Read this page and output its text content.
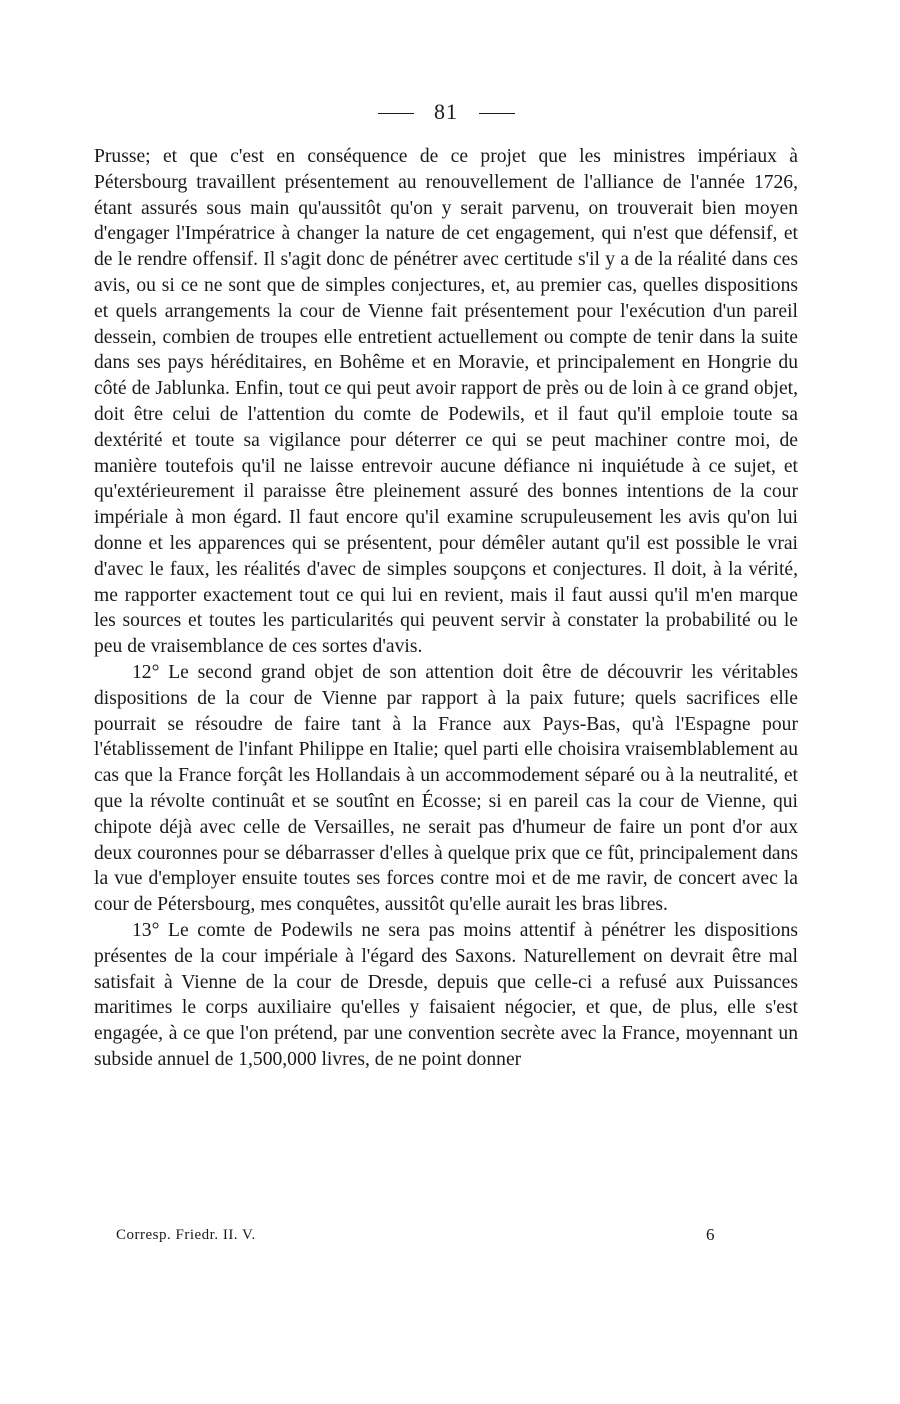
81

Prusse; et que c'est en conséquence de ce projet que les ministres impériaux à Pétersbourg travaillent présentement au renouvellement de l'alliance de l'année 1726, étant assurés sous main qu'aussitôt qu'on y serait parvenu, on trouverait bien moyen d'engager l'Impératrice à changer la nature de cet engagement, qui n'est que défensif, et de le rendre offensif. Il s'agit donc de pénétrer avec certitude s'il y a de la réalité dans ces avis, ou si ce ne sont que de simples conjectures, et, au premier cas, quelles dispositions et quels arrangements la cour de Vienne fait présentement pour l'exécution d'un pareil dessein, combien de troupes elle entretient actuellement ou compte de tenir dans la suite dans ses pays héréditaires, en Bohême et en Moravie, et principalement en Hongrie du côté de Jablunka. Enfin, tout ce qui peut avoir rapport de près ou de loin à ce grand objet, doit être celui de l'attention du comte de Podewils, et il faut qu'il emploie toute sa dextérité et toute sa vigilance pour déterrer ce qui se peut machiner contre moi, de manière toutefois qu'il ne laisse entrevoir aucune défiance ni inquiétude à ce sujet, et qu'extérieurement il paraisse être pleinement assuré des bonnes intentions de la cour impériale à mon égard. Il faut encore qu'il examine scrupuleusement les avis qu'on lui donne et les apparences qui se présentent, pour démêler autant qu'il est possible le vrai d'avec le faux, les réalités d'avec de simples soupçons et conjectures. Il doit, à la vérité, me rapporter exactement tout ce qui lui en revient, mais il faut aussi qu'il m'en marque les sources et toutes les particularités qui peuvent servir à constater la probabilité ou le peu de vraisemblance de ces sortes d'avis.

12° Le second grand objet de son attention doit être de découvrir les véritables dispositions de la cour de Vienne par rapport à la paix future; quels sacrifices elle pourrait se résoudre de faire tant à la France aux Pays-Bas, qu'à l'Espagne pour l'établissement de l'infant Philippe en Italie; quel parti elle choisira vraisemblablement au cas que la France forçât les Hollandais à un accommodement séparé ou à la neutralité, et que la révolte continuât et se soutînt en Écosse; si en pareil cas la cour de Vienne, qui chipote déjà avec celle de Versailles, ne serait pas d'humeur de faire un pont d'or aux deux couronnes pour se débarrasser d'elles à quelque prix que ce fût, principalement dans la vue d'employer ensuite toutes ses forces contre moi et de me ravir, de concert avec la cour de Pétersbourg, mes conquêtes, aussitôt qu'elle aurait les bras libres.

13° Le comte de Podewils ne sera pas moins attentif à pénétrer les dispositions présentes de la cour impériale à l'égard des Saxons. Naturellement on devrait être mal satisfait à Vienne de la cour de Dresde, depuis que celle-ci a refusé aux Puissances maritimes le corps auxiliaire qu'elles y faisaient négocier, et que, de plus, elle s'est engagée, à ce que l'on prétend, par une convention secrète avec la France, moyennant un subside annuel de 1,500,000 livres, de ne point donner

Corresp. Friedr. II. V.	6
